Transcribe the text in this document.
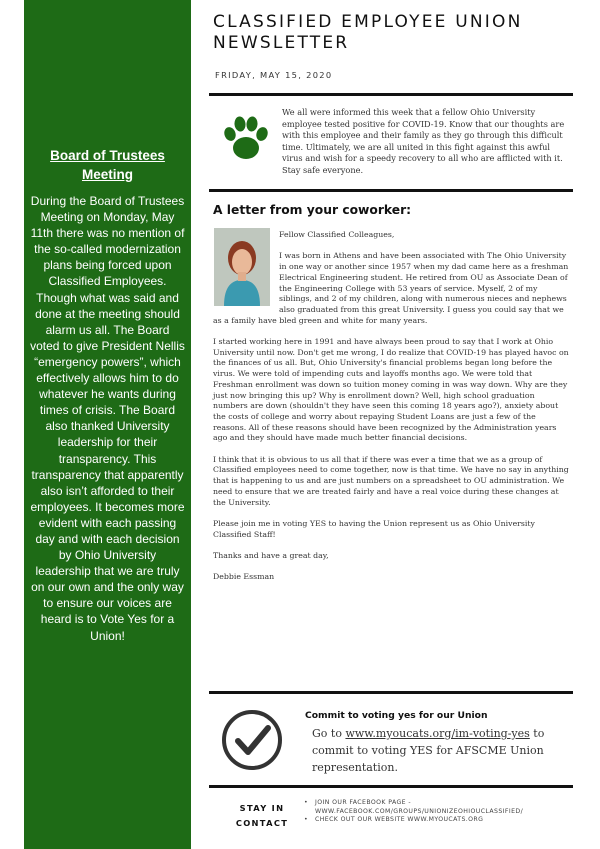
Board of Trustees Meeting
During the Board of Trustees Meeting on Monday, May 11th there was no mention of the so-called modernization plans being forced upon Classified Employees. Though what was said and done at the meeting should alarm us all. The Board voted to give President Nellis “emergency powers”, which effectively allows him to do whatever he wants during times of crisis. The Board also thanked University leadership for their transparency. This transparency that apparently also isn’t afforded to their employees. It becomes more evident with each passing day and with each decision by Ohio University leadership that we are truly on our own and the only way to ensure our voices are heard is to Vote Yes for a Union!
CLASSIFIED EMPLOYEE UNION NEWSLETTER
FRIDAY, MAY 15, 2020
We all were informed this week that a fellow Ohio University employee tested positive for COVID-19. Know that our thoughts are with this employee and their family as they go through this difficult time. Ultimately, we are all united in this fight against this awful virus and wish for a speedy recovery to all who are afflicted with it. Stay safe everyone.
A letter from your coworker:

Fellow Classified Colleagues,

I was born in Athens and have been associated with The Ohio University in one way or another since 1957 when my dad came here as a freshman Electrical Engineering student. He retired from OU as Associate Dean of the Engineering College with 53 years of service. Myself, 2 of my siblings, and 2 of my children, along with numerous nieces and nephews also graduated from this great University. I guess you could say that we as a family have bled green and white for many years.

I started working here in 1991 and have always been proud to say that I work at Ohio University until now. Don't get me wrong, I do realize that COVID-19 has played havoc on the finances of us all. But, Ohio University's financial problems began long before the virus. We were told of impending cuts and layoffs months ago. We were told that Freshman enrollment was down so tuition money coming in was way down. Why are they just now bringing this up? Why is enrollment down? Well, high school graduation numbers are down (shouldn't they have seen this coming 18 years ago?), anxiety about the costs of college and worry about repaying Student Loans are just a few of the reasons. All of these reasons should have been recognized by the Administration years ago and they should have made much better financial decisions.

I think that it is obvious to us all that if there was ever a time that we as a group of Classified employees need to come together, now is that time. We have no say in anything that is happening to us and are just numbers on a spreadsheet to OU administration. We need to ensure that we are treated fairly and have a real voice during these changes at the University.

Please join me in voting YES to having the Union represent us as Ohio University Classified Staff!

Thanks and have a great day,

Debbie Essman

Commit to voting yes for our Union
Go to www.myoucats.org/im-voting-yes to commit to voting YES for AFSCME Union representation.
STAY IN
CONTACT
• JOIN OUR FACEBOOK PAGE - WWW.FACEBOOK.COM/GROUPS/UNIONIZEOHIOUCLASSIFIED/
• CHECK OUT OUR WEBSITE WWW.MYOUCATS.ORG
